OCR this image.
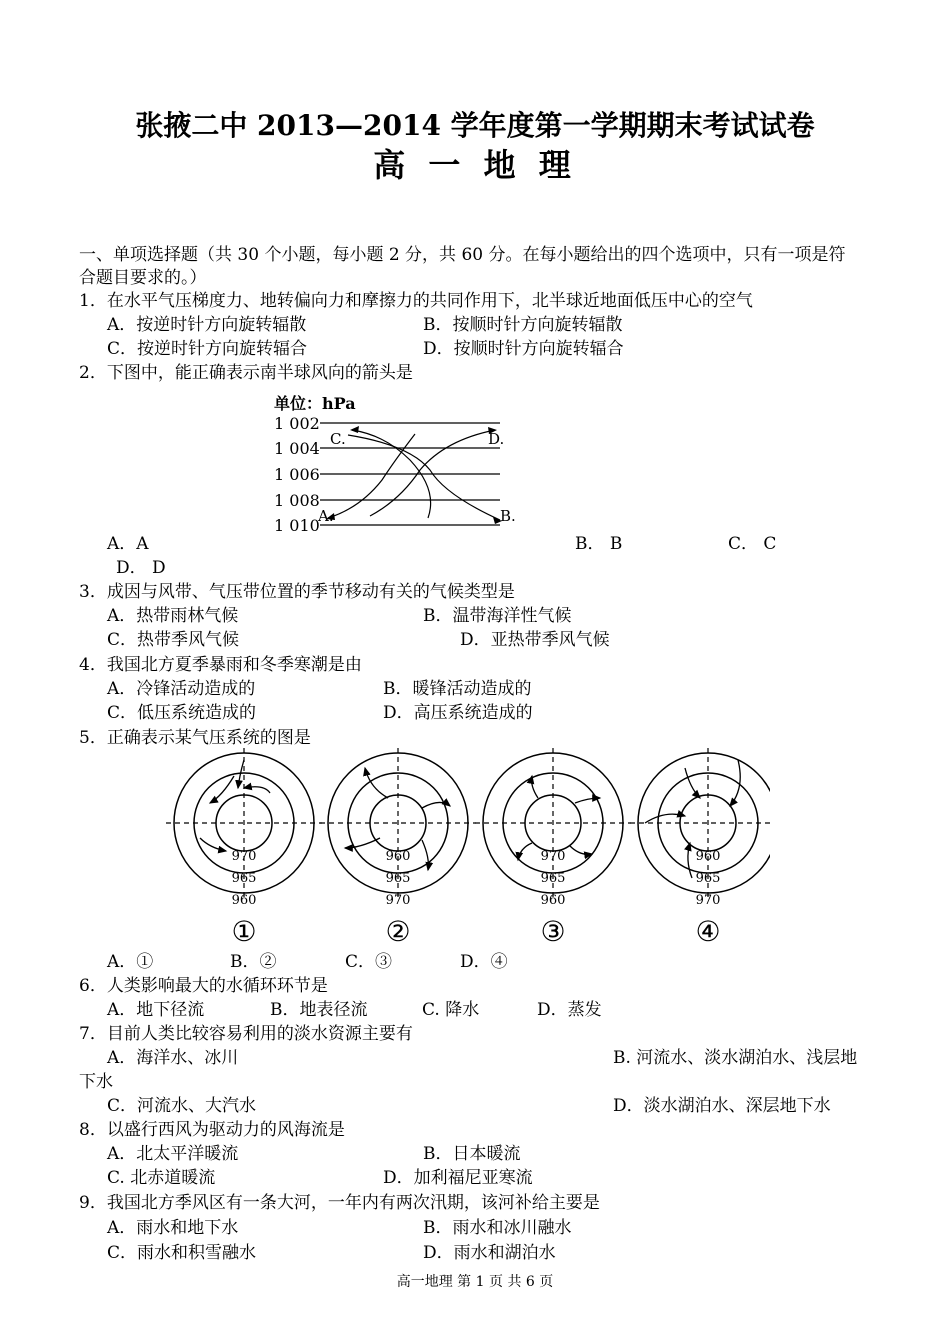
张掖二中 2013—2014 学年度第一学期期末考试试卷
高 一 地 理
一、单项选择题（共 30 个小题，每小题 2 分，共 60 分。在每小题给出的四个选项中，只有一项是符
合题目要求的。）
1．在水平气压梯度力、地转偏向力和摩擦力的共同作用下，北半球近地面低压中心的空气
A．按逆时针方向旋转辐散	B．按顺时针方向旋转辐散
C．按逆时针方向旋转辐合	D．按顺时针方向旋转辐合
2．下图中，能正确表示南半球风向的箭头是
单位：hPa
1 002
1 004
1 006
1 008
1 010
C.	D.
A.	B.
A．A	B． B	C． C
D． D
3．成因与风带、气压带位置的季节移动有关的气候类型是
A．热带雨林气候	B．温带海洋性气候
C．热带季风气候	D．亚热带季风气候
4．我国北方夏季暴雨和冬季寒潮是由
A．冷锋活动造成的	B．暖锋活动造成的
C．低压系统造成的	D．高压系统造成的
5．正确表示某气压系统的图是
970
965
960
①
960
965
970
②
970
965
960
③
960
965
970
④
A．①	B．②	C．③	D．④
6．人类影响最大的水循环环节是
A．地下径流	B．地表径流	C. 降水	D．蒸发
7．目前人类比较容易利用的淡水资源主要有
A．海洋水、冰川	B. 河流水、淡水湖泊水、浅层地
下水
C．河流水、大汽水	D．淡水湖泊水、深层地下水
8．以盛行西风为驱动力的风海流是
A．北太平洋暖流	B．日本暖流
C. 北赤道暖流	D．加利福尼亚寒流
9．我国北方季风区有一条大河，一年内有两次汛期，该河补给主要是
A．雨水和地下水	B．雨水和冰川融水
C．雨水和积雪融水	D．雨水和湖泊水
高一地理 第 1 页 共 6 页
